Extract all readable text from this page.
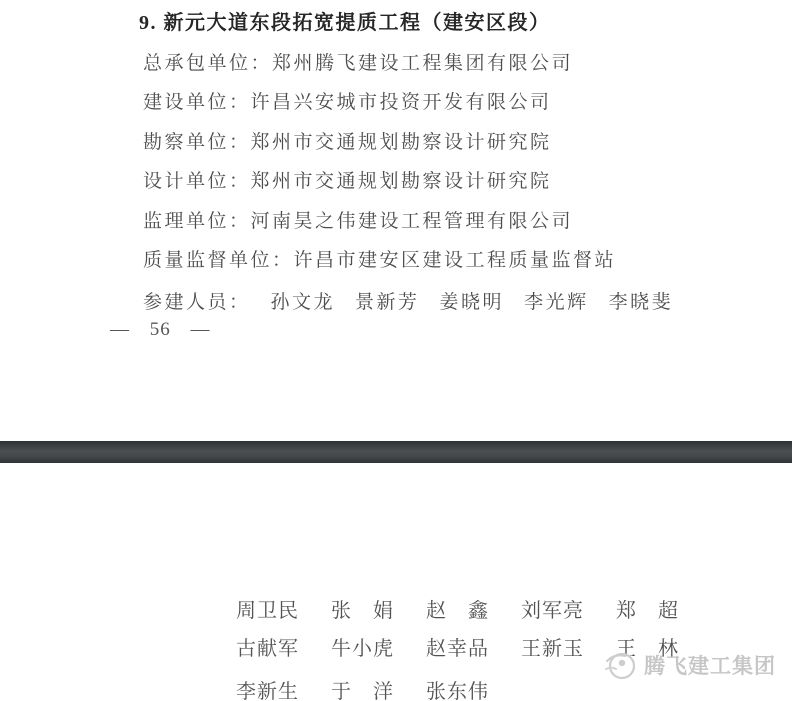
9. 新元大道东段拓宽提质工程（建安区段）
总承包单位：郑州腾飞建设工程集团有限公司
建设单位：许昌兴安城市投资开发有限公司
勘察单位：郑州市交通规划勘察设计研究院
设计单位：郑州市交通规划勘察设计研究院
监理单位：河南昊之伟建设工程管理有限公司
质量监督单位：许昌市建安区建设工程质量监督站
参建人员： 孙文龙 景新芳 姜晓明 李光辉 李晓斐
— 56 —
周卫民 张　娟 赵　鑫 刘军亮 郑　超
古献军 牛小虎 赵幸品 王新玉 王　林
李新生 于　洋 张东伟
腾飞建工集团
